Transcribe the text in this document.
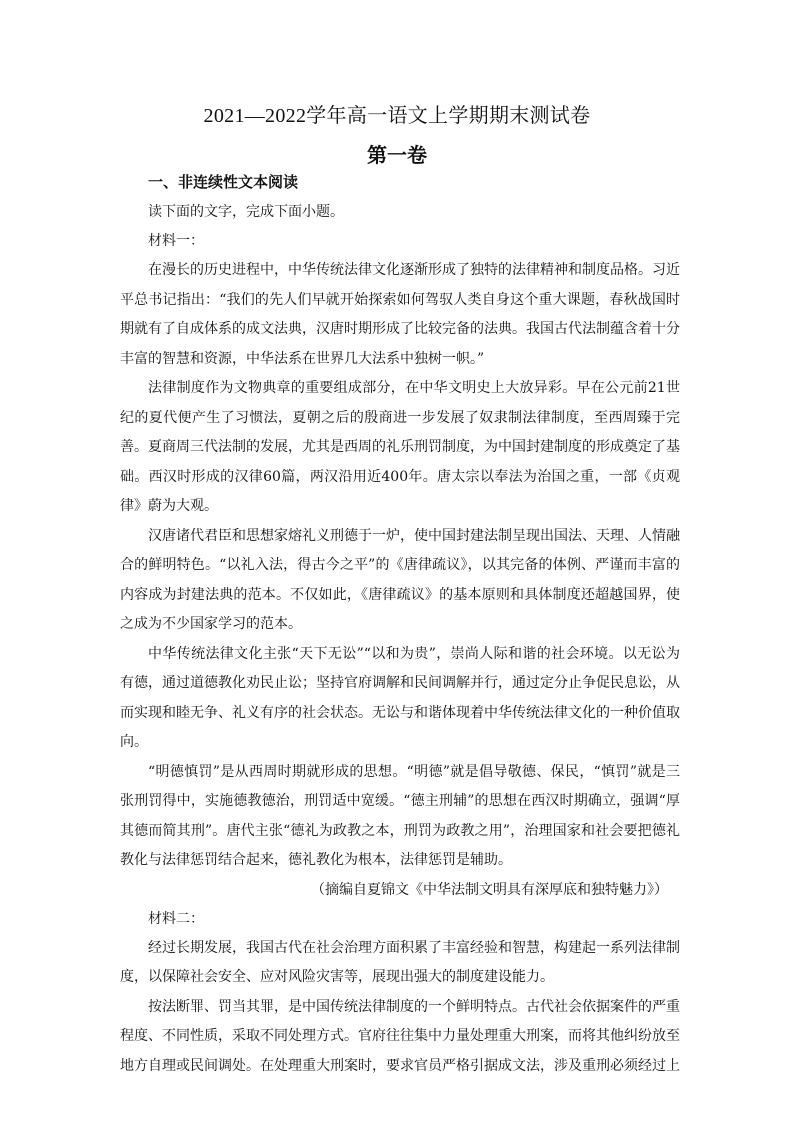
2021—2022学年高一语文上学期期末测试卷
第一卷
一、非连续性文本阅读
读下面的文字，完成下面小题。
材料一：

在漫长的历史进程中，中华传统法律文化逐渐形成了独特的法律精神和制度品格。习近平总书记指出：“我们的先人们早就开始探索如何驾驭人类自身这个重大课题，春秋战国时期就有了自成体系的成文法典，汉唐时期形成了比较完备的法典。我国古代法制蕴含着十分丰富的智慧和资源，中华法系在世界几大法系中独树一帜。”

法律制度作为文物典章的重要组成部分，在中华文明史上大放异彩。早在公元前21世纪的夏代便产生了习惯法，夏朝之后的殷商进一步发展了奴隶制法律制度，至西周臻于完善。夏商周三代法制的发展，尤其是西周的礼乐刑罚制度，为中国封建制度的形成奠定了基础。西汉时形成的汉律60篇，两汉沿用近400年。唐太宗以奉法为治国之重，一部《贞观律》蔚为大观。

汉唐诸代君臣和思想家熔礼义刑德于一炉，使中国封建法制呈现出国法、天理、人情融合的鲜明特色。“以礼入法，得古今之平”的《唐律疏议》，以其完备的体例、严谨而丰富的内容成为封建法典的范本。不仅如此，《唐律疏议》的基本原则和具体制度还超越国界，使之成为不少国家学习的范本。

中华传统法律文化主张“天下无讼”“以和为贵”，崇尚人际和谐的社会环境。以无讼为有德，通过道德教化劝民止讼；坚持官府调解和民间调解并行，通过定分止争促民息讼，从而实现和睦无争、礼义有序的社会状态。无讼与和谐体现着中华传统法律文化的一种价值取向。

“明德慎罚”是从西周时期就形成的思想。“明德”就是倡导敬德、保民，“慎罚”就是三张刑罚得中，实施德教德治，刑罚适中宽缓。“德主刑辅”的思想在西汉时期确立，强调“厚其德而简其刑”。唐代主张“德礼为政教之本，刑罚为政教之用”，治理国家和社会要把德礼教化与法律惩罚结合起来，德礼教化为根本，法律惩罚是辅助。

（摘编自夏锦文《中华法制文明具有深厚底和独特魅力》）
材料二：

经过长期发展，我国古代在社会治理方面积累了丰富经验和智慧，构建起一系列法律制度，以保障社会安全、应对风险灾害等，展现出强大的制度建设能力。

按法断罪、罚当其罪，是中国传统法律制度的一个鲜明特点。古代社会依据案件的严重程度、不同性质，采取不同处理方式。官府往往集中力量处理重大刑案，而将其他纠纷放至地方自理或民间调处。在处理重大刑案时，要求官员严格引据成文法，涉及重刑必须经过上
